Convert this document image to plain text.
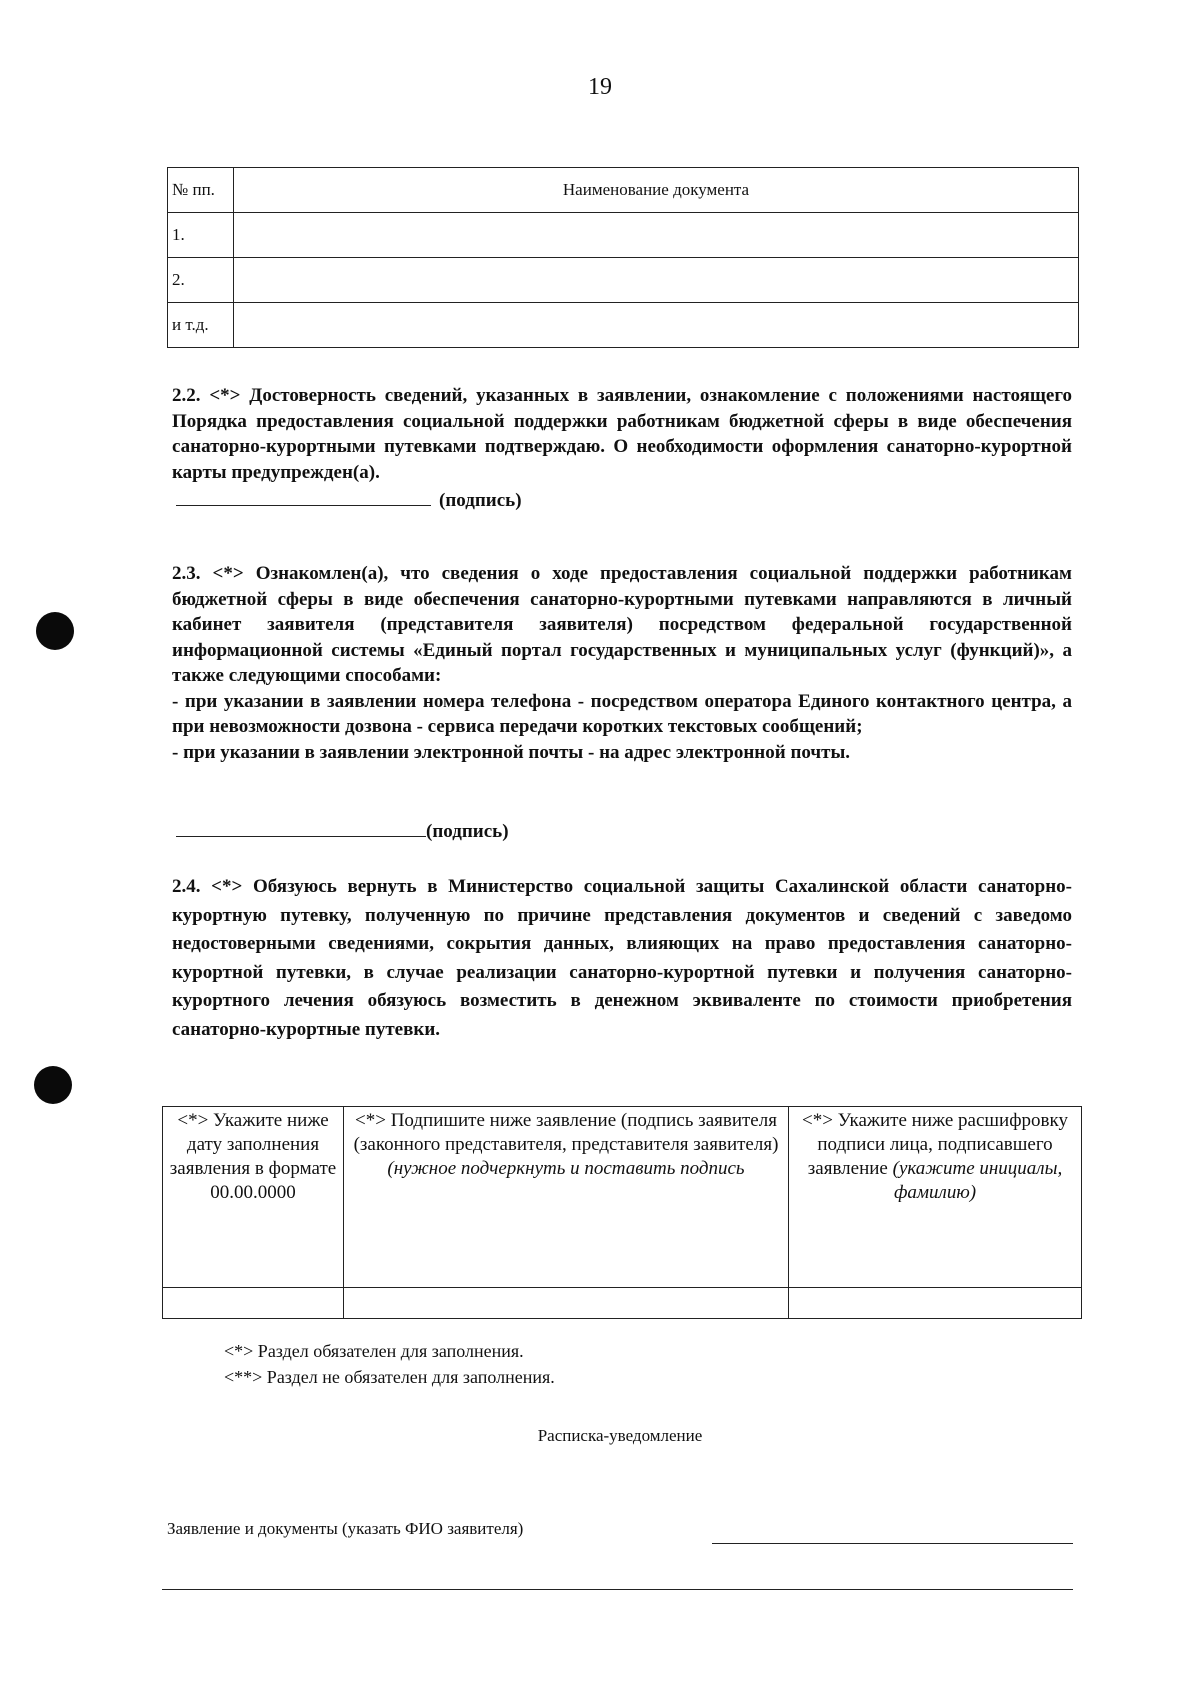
19
№ пп.	Наименование документа
1.	
2.	
и т.д.	
2.2. <*> Достоверность сведений, указанных в заявлении, ознакомление с положениями настоящего Порядка предоставления социальной поддержки работникам бюджетной сферы в виде обеспечения санаторно-курортными путевками подтверждаю. О необходимости оформления санаторно-курортной карты предупрежден(а).
(подпись)
2.3. <*> Ознакомлен(а), что сведения о ходе предоставления социальной поддержки работникам бюджетной сферы в виде обеспечения санаторно-курортными путевками направляются в личный кабинет заявителя (представителя заявителя) посредством федеральной государственной информационной системы «Единый портал государственных и муниципальных услуг (функций)», а также следующими способами:
- при указании в заявлении номера телефона - посредством оператора Единого контактного центра, а при невозможности дозвона - сервиса передачи коротких текстовых сообщений;
- при указании в заявлении электронной почты - на адрес электронной почты.
(подпись)
2.4. <*> Обязуюсь вернуть в Министерство социальной защиты Сахалинской области санаторно-курортную путевку, полученную по причине представления документов и сведений с заведомо недостоверными сведениями, сокрытия данных, влияющих на право предоставления санаторно-курортной путевки, в случае реализации санаторно-курортной путевки и получения санаторно-курортного лечения обязуюсь возместить в денежном эквиваленте по стоимости приобретения санаторно-курортные путевки.
<*> Укажите ниже дату заполнения заявления в формате 00.00.0000	<*> Подпишите ниже заявление (подпись заявителя (законного представителя, представителя заявителя) (нужное подчеркнуть и поставить подпись	<*> Укажите ниже расшифровку подписи лица, подписавшего заявление (укажите инициалы, фамилию)

<*> Раздел обязателен для заполнения.
<**> Раздел не обязателен для заполнения.
Расписка-уведомление
Заявление и документы (указать ФИО заявителя)
